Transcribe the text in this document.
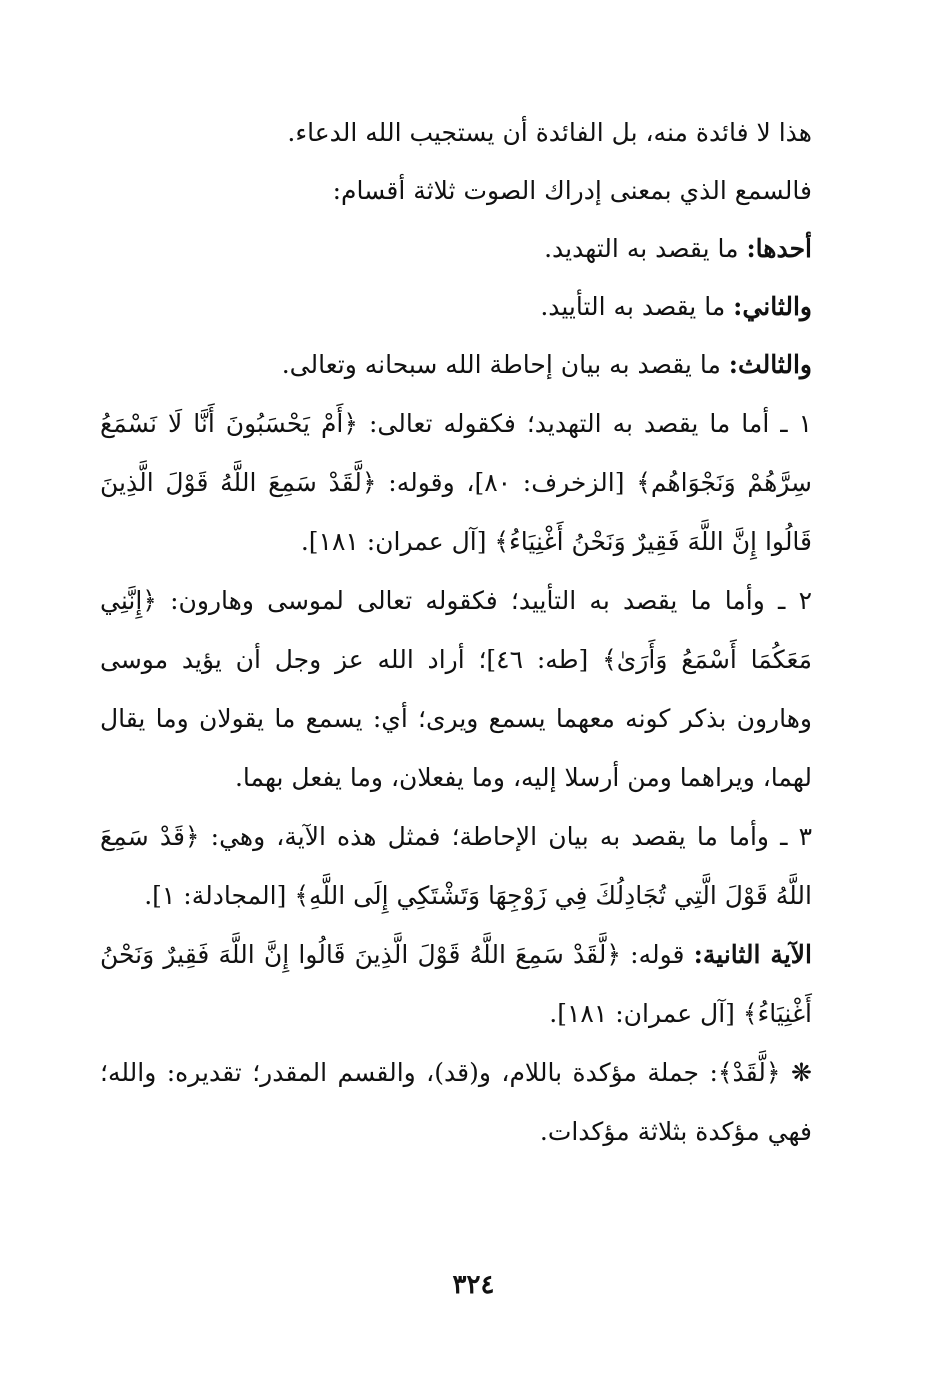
هذا لا فائدة منه، بل الفائدة أن يستجيب الله الدعاء.

فالسمع الذي بمعنى إدراك الصوت ثلاثة أقسام:

أحدها: ما يقصد به التهديد.

والثاني: ما يقصد به التأييد.

والثالث: ما يقصد به بيان إحاطة الله سبحانه وتعالى.

١ ـ أما ما يقصد به التهديد؛ فكقوله تعالى: ﴿أَمْ يَحْسَبُونَ أَنَّا لَا نَسْمَعُ سِرَّهُمْ وَنَجْوَاهُم﴾ [الزخرف: ٨٠]، وقوله: ﴿لَّقَدْ سَمِعَ اللَّهُ قَوْلَ الَّذِينَ قَالُوا إِنَّ اللَّهَ فَقِيرٌ وَنَحْنُ أَغْنِيَاءُ﴾ [آل عمران: ١٨١].

٢ ـ وأما ما يقصد به التأييد؛ فكقوله تعالى لموسى وهارون: ﴿إِنَّنِي مَعَكُمَا أَسْمَعُ وَأَرَىٰ﴾ [طه: ٤٦]؛ أراد الله عز وجل أن يؤيد موسى وهارون بذكر كونه معهما يسمع ويرى؛ أي: يسمع ما يقولان وما يقال لهما، ويراهما ومن أرسلا إليه، وما يفعلان، وما يفعل بهما.

٣ ـ وأما ما يقصد به بيان الإحاطة؛ فمثل هذه الآية، وهي: ﴿قَدْ سَمِعَ اللَّهُ قَوْلَ الَّتِي تُجَادِلُكَ فِي زَوْجِهَا وَتَشْتَكِي إِلَى اللَّهِ﴾ [المجادلة: ١].

الآية الثانية: قوله: ﴿لَّقَدْ سَمِعَ اللَّهُ قَوْلَ الَّذِينَ قَالُوا إِنَّ اللَّهَ فَقِيرٌ وَنَحْنُ أَغْنِيَاءُ﴾ [آل عمران: ١٨١].

❋ ﴿لَّقَدْ﴾: جملة مؤكدة باللام، و(قد)، والقسم المقدر؛ تقديره: والله؛ فهي مؤكدة بثلاثة مؤكدات.

٣٢٤
